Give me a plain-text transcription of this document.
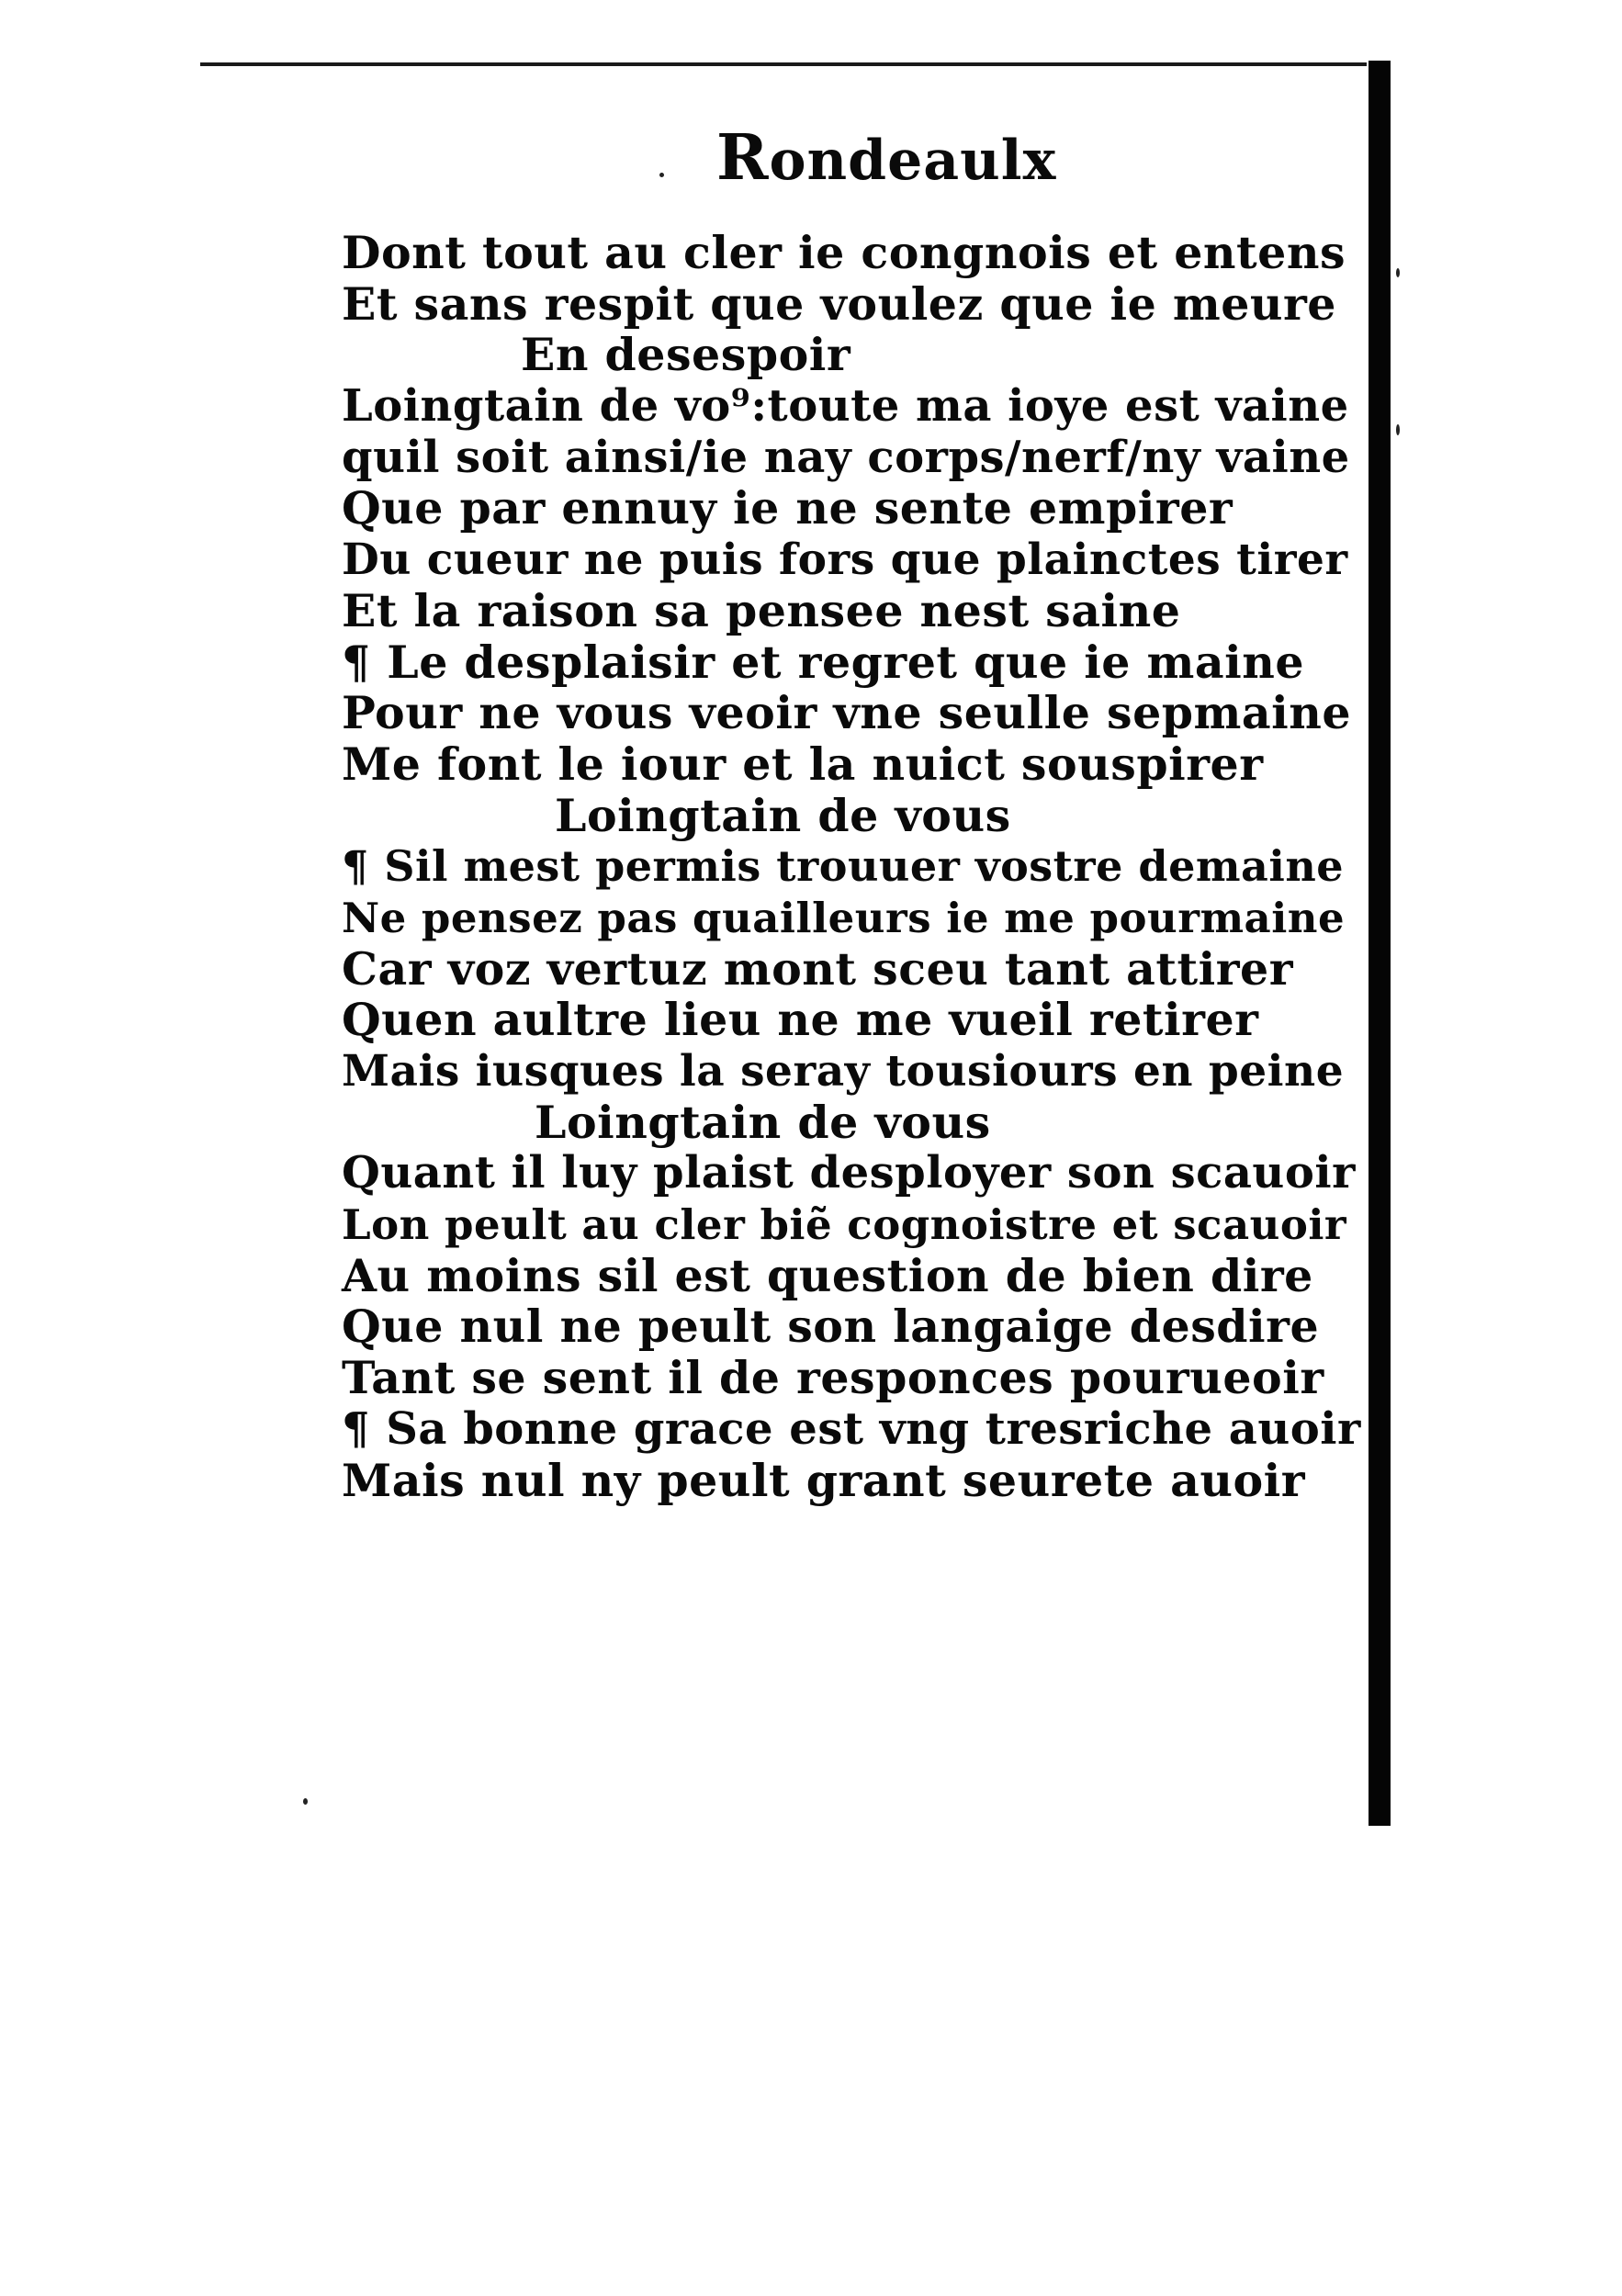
Rondeaulx
Dont tout au cler ie congnois et entens
Et sans respit que voulez que ie meure
En desespoir
Loingtain de vo⁹:toute ma ioye est vaine
quil soit ainsi/ie nay corps/nerf/ny vaine
Que par ennuy ie ne sente empirer
Du cueur ne puis fors que plainctes tirer
Et la raison sa pensee nest saine
¶ Le desplaisir et regret que ie maine
Pour ne vous veoir vne seulle sepmaine
Me font le iour et la nuict souspirer
Loingtain de vous
¶ Sil mest permis trouuer vostre demaine
Ne pensez pas quailleurs ie me pourmaine
Car voz vertuz mont sceu tant attirer
Quen aultre lieu ne me vueil retirer
Mais iusques la seray tousiours en peine
Loingtain de vous
Quant il luy plaist desployer son scauoir
Lon peult au cler biẽ cognoistre et scauoir
Au moins sil est question de bien dire
Que nul ne peult son langaige desdire
Tant se sent il de responces pourueoir
¶ Sa bonne grace est vng tresriche auoir
Mais nul ny peult grant seurete auoir
